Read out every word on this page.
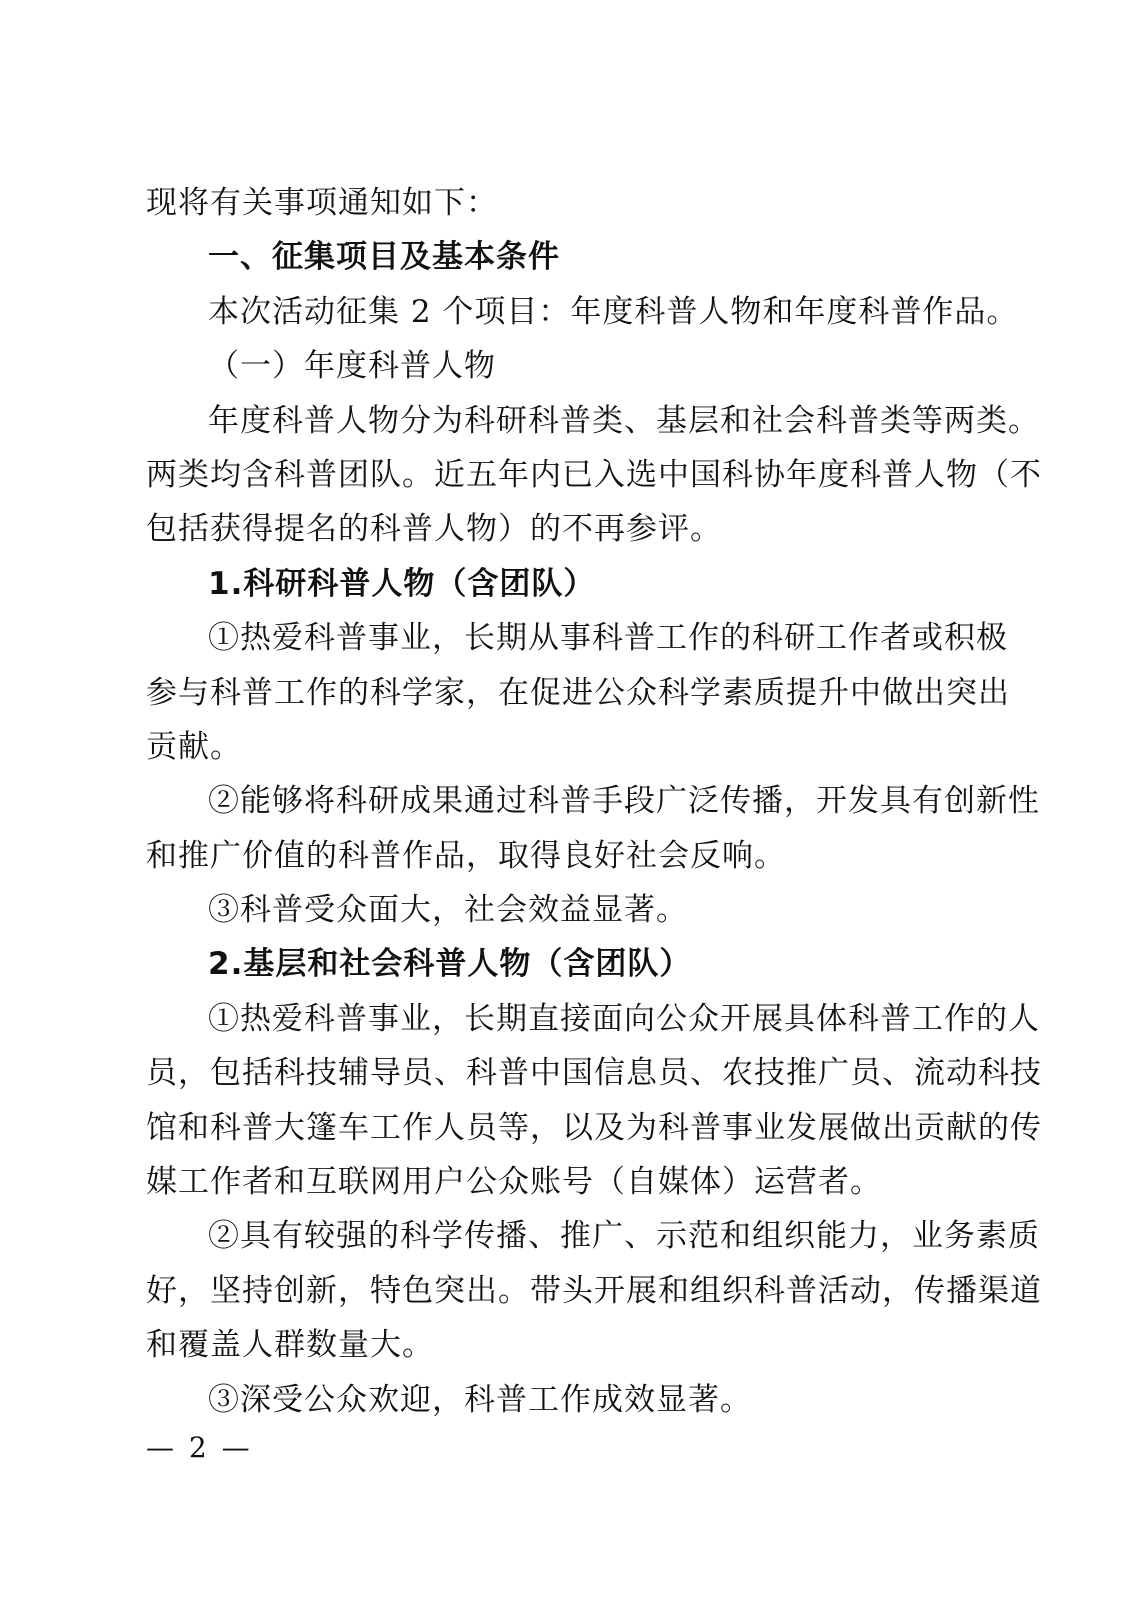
现将有关事项通知如下：
一、征集项目及基本条件
本次活动征集 2 个项目：年度科普人物和年度科普作品。
（一）年度科普人物
年度科普人物分为科研科普类、基层和社会科普类等两类。
两类均含科普团队。近五年内已入选中国科协年度科普人物（不
包括获得提名的科普人物）的不再参评。
1.科研科普人物（含团队）
①热爱科普事业，长期从事科普工作的科研工作者或积极
参与科普工作的科学家，在促进公众科学素质提升中做出突出
贡献。
②能够将科研成果通过科普手段广泛传播，开发具有创新性
和推广价值的科普作品，取得良好社会反响。
③科普受众面大，社会效益显著。
2.基层和社会科普人物（含团队）
①热爱科普事业，长期直接面向公众开展具体科普工作的人
员，包括科技辅导员、科普中国信息员、农技推广员、流动科技
馆和科普大篷车工作人员等，以及为科普事业发展做出贡献的传
媒工作者和互联网用户公众账号（自媒体）运营者。
②具有较强的科学传播、推广、示范和组织能力，业务素质
好，坚持创新，特色突出。带头开展和组织科普活动，传播渠道
和覆盖人群数量大。
③深受公众欢迎，科普工作成效显著。
— 2 —
